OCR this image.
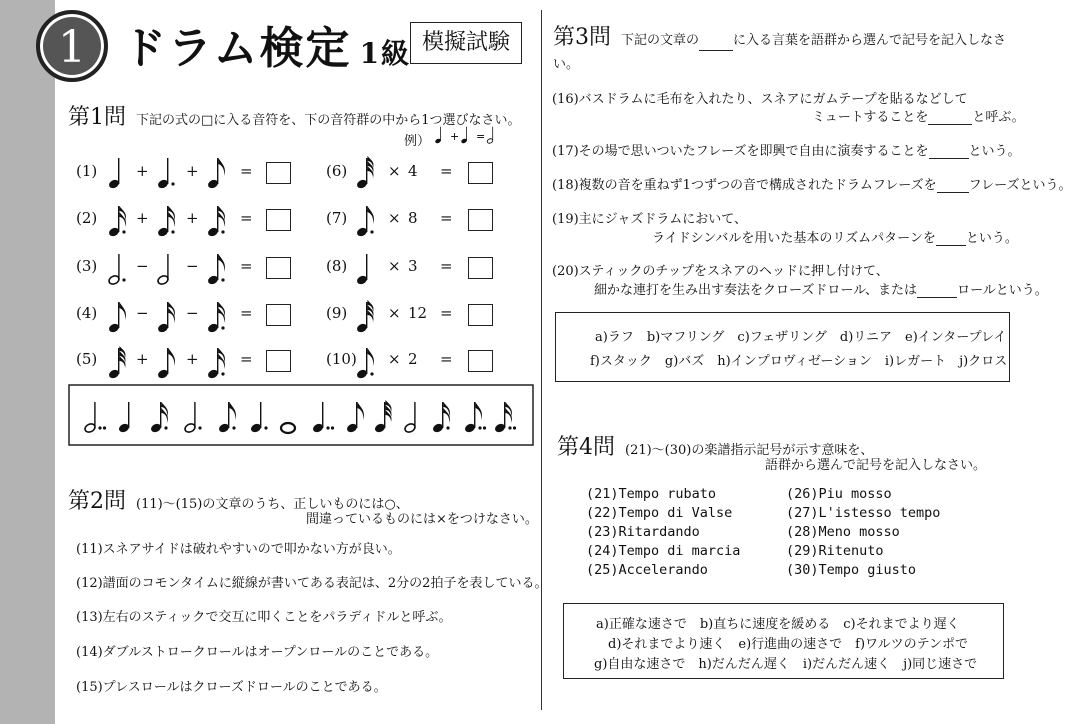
1 ドラム検定 1級 模擬試験
第1問 下記の式の□に入る音符を、下の音符群の中から1つ選びなさい。
例） + =
(1)	+ +	=
(2)	+ +	=
(3)	− −	=
(4)	− −	=
(5)	+ +	=
(6)	× 4 =
(7)	× 8 =
(8)	× 3 =
(9)	× 12 =
(10) × 2 =
第2問 (11)～(15)の文章のうち、正しいものには○、
間違っているものには×をつけなさい。
(11)スネアサイドは破れやすいので叩かない方が良い。
(12)譜面のコモンタイムに縦線が書いてある表記は、2分の2拍子を表している。
(13)左右のスティックで交互に叩くことをパラディドルと呼ぶ。
(14)ダブルストロークロールはオープンロールのことである。
(15)プレスロールはクローズドロールのことである。
第3問 下記の文章の	に入る言葉を語群から選んで記号を記入しなさい。
(16)バスドラムに毛布を入れたり、スネアにガムテープを貼るなどして
ミュートすることを	と呼ぶ。
(17)その場で思いついたフレーズを即興で自由に演奏することを	という。
(18)複数の音を重ねず1つずつの音で構成されたドラムフレーズを フレーズという。
(19)主にジャズドラムにおいて、
ライドシンバルを用いた基本のリズムパターンを という。
(20)スティックのチップをスネアのヘッドに押し付けて、
細かな連打を生み出す奏法をクローズドロール、または	ロールという。
a)ラフ　b)マフリング　c)フェザリング　d)リニア　e)インタープレイ
f)スタック　g)バズ　h)インプロヴィゼーション　i)レガート　j)クロス
第4問 (21)～(30)の楽譜指示記号が示す意味を、
語群から選んで記号を記入しなさい。
(21)Tempo rubato
(22)Tempo di Valse
(23)Ritardando
(24)Tempo di marcia
(25)Accelerando
(26)Piu mosso
(27)L'istesso tempo
(28)Meno mosso
(29)Ritenuto
(30)Tempo giusto
a)正確な速さで　b)直ちに速度を緩める　c)それまでより遅く
d)それまでより速く　e)行進曲の速さで　f)ワルツのテンポで
g)自由な速さで　h)だんだん遅く　i)だんだん速く　j)同じ速さで
